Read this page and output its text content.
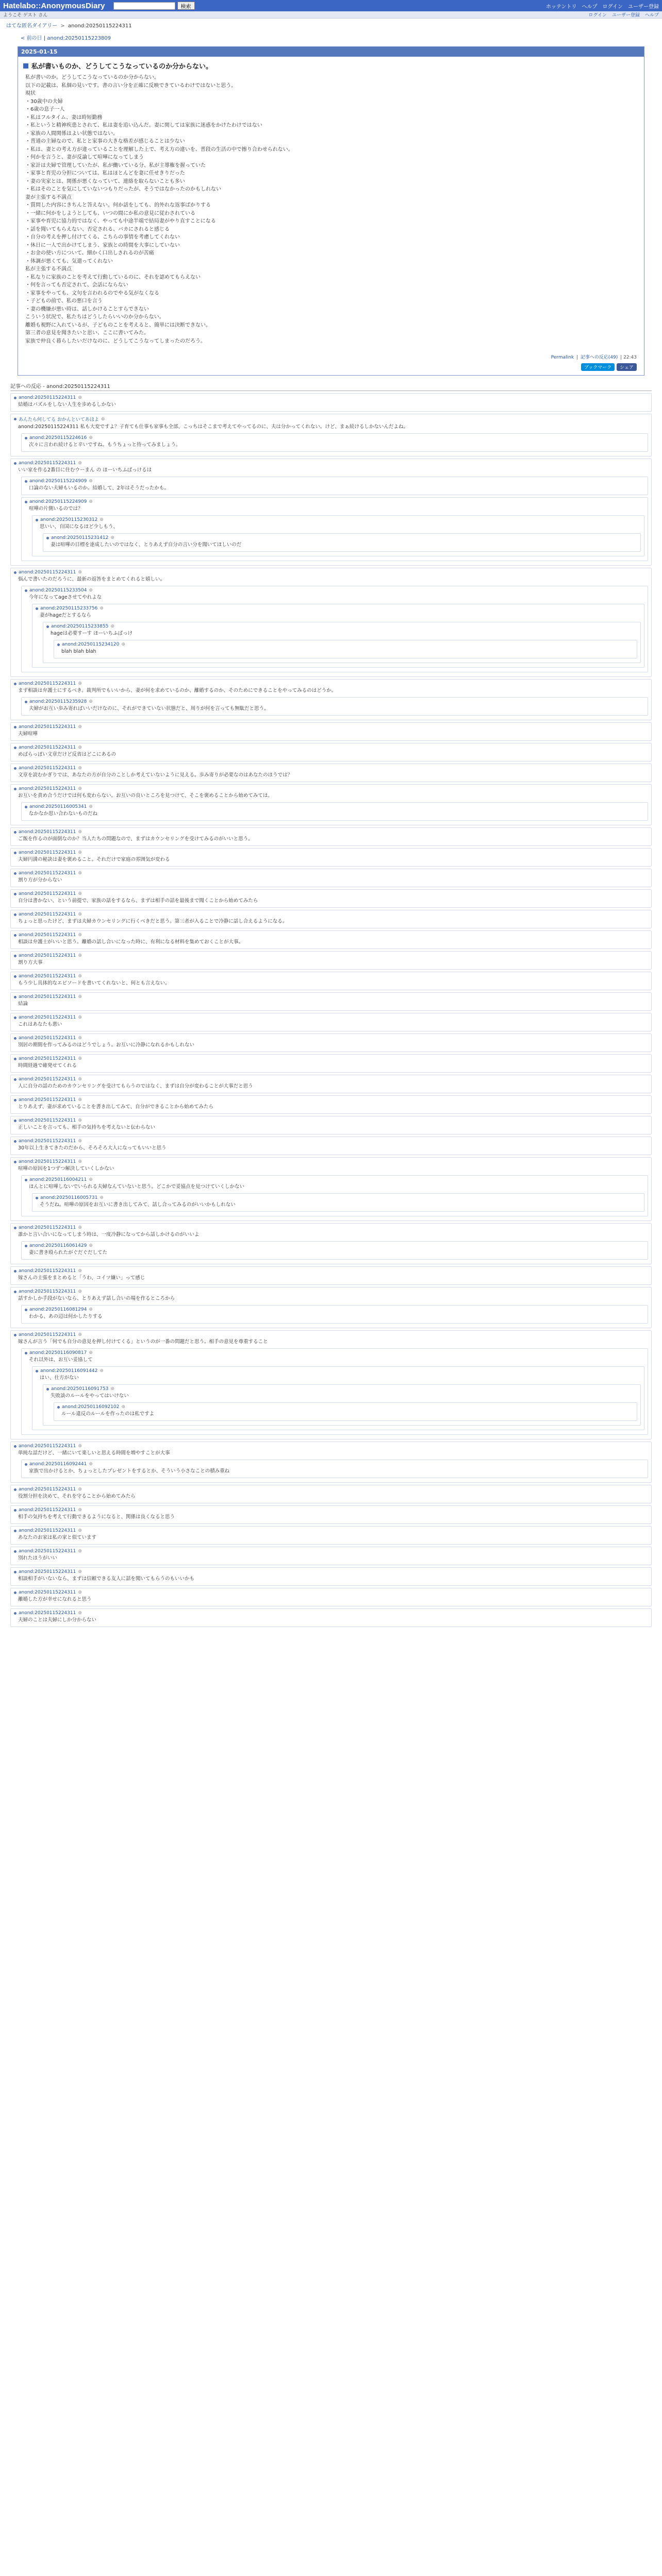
Hatelabo::AnonymousDiary	検索	ホッテントリ ヘルプ ログイン ユーザー登録
ようこそ ゲスト さん	ログイン ユーザー登録 ヘルプ
はてな匿名ダイアリー > anond:20250115224311
< 前の日 | anond:20250115223809
2025-01-15
私が書いものか、どうしてこうなっているのか分からない。

私が書いのか。どうしてこうなっているのか分からない。

以下の記載は、私個の見いです。書の言い分を正確に反映できているわけではないと思う。

現状

・30歳中の夫婦

・6歳の息子一人

・私はフルタイム、妻は時短勤務

・私というと精神疾患とされて、私は妻を追い込んだ。妻に関しては家族に迷惑をかけたわけではない

・家族の人間関係はよい状態ではない。

・普通の主婦なので、私とと家事の大きな格差が感じることは少ない

・私は、妻との考え方が違っていることを理解した上で、考え方の違いを、普段の生活の中で擦り合わせられない。

・何かを言うと、妻が反論して喧嘩になってしまう

・家計は夫婦で管理していたが、私が働いている分、私が主導権を握っていた

・家事と育児の分担については、私はほとんどを妻に任せきりだった

・妻の実家とは、関係が悪くなっていて、連絡を取らないことも多い

・私はそのことを気にしていないつもりだったが、そうではなかったのかもしれない

妻が主張する不満点

・質問した内容にきちんと答えない。何か話をしても、的外れな返事ばかりする

・一緒に何かをしようとしても、いつの間にか私の意見に従わされている

・家事や育児に協力的ではなく、やっても中途半端で結局妻がやり直すことになる

・話を聞いてもらえない、否定される、バカにされると感じる

・自分の考えを押し付けてくる、こちらの事情を考慮してくれない

・休日に一人で出かけてしまう、家族との時間を大事にしていない

・お金の使い方について、細かく口出しされるのが苦痛

・体調が悪くても、気遣ってくれない

私が主張する不満点

・私なりに家族のことを考えて行動しているのに、それを認めてもらえない

・何を言っても否定されて、会話にならない

・家事をやっても、文句を言われるのでやる気がなくなる

・子どもの前で、私の悪口を言う

・妻の機嫌が悪い時は、話しかけることすらできない

こういう状況で、私たちはどうしたらいいのか分からない。

離婚も視野に入れているが、子どものことを考えると、簡単には決断できない。

第三者の意見を聞きたいと思い、ここに書いてみた。

家族で仲良く暮らしたいだけなのに、どうしてこうなってしまったのだろう。

Permalink | 記事への反応(49) | 22:43
ブックマーク	シェア
記事への反応 - anond:20250115224311
anond:20250115224311 ⊕
結婚はパズルをしない人生を歩めるしかない
あんたら何してる おかんといてあほよ ⊕
anond:20250115224311 私も大変ですよ？子育ても仕事も家事も全部、こっちはそこまで考えてやってるのに、夫は分かってくれない。けど、まぁ続けるしかないんだよね。
anond:20250115224616 ⊕
次々に言われ続けると辛いですね。もうちょっと待ってみましょう。
anond:20250115224311 ⊕
いい家を作る2番目に住むウーまん の ほーいちふばっけるは
anond:20250115224909 ⊕
口論のない夫婦もいるのか。結婚して、2年はそうだったかも。
anond:20250115224909 ⊕
喧嘩の片側いるのでは？
anond:20250115230312 ⊕
思いい、自国になるほど少しもう、
anond:20250115231412 ⊕
妻は喧嘩の目標を達成したいのではなく、とりあえず自分の言い分を聞いてほしいのだ
anond:20250115224311 ⊕
悩んで書いたのだろうに、最新の返答をまとめてくれると嬉しい。
anond:20250115233504 ⊕
今年になってageさせてやれよな
anond:20250115233756 ⊕
妻がhageだとするなら
anond:20250115233855 ⊕
hageは必要すーす ほーいちふぱっけ
anond:20250115234120 ⊕
blah blah blah
anond:20250115224311 ⊕
まず相談は弁護士にするべき。裁判所でもいいから、妻が何を求めているのか、離婚するのか、そのためにできることをやってみるのはどうか。
anond:20250115235928 ⊕
夫婦がお互い歩み寄ればいいだけなのに、それができていない状態だと、周りが何を言っても無駄だと思う。
anond:20250115224311 ⊕
夫婦喧嘩
anond:20250115224311 ⊕
めばらっぽい文章だけど反省はどこにあるの
anond:20250115224311 ⊕
文章を読むかぎりでは、あなたの方が自分のことしか考えていないように見える。歩み寄りが必要なのはあなたのほうでは？
anond:20250115224311 ⊕
お互いを責め合うだけでは何も変わらない。お互いの良いところを見つけて、そこを褒めることから始めてみては。
anond:20250116005341 ⊕
なかなか思い合わないものだね
anond:20250115224311 ⊕
ご飯を作るのが面倒なのか？当人たちの問題なので、まずはカウンセリングを受けてみるのがいいと思う。
anond:20250115224311 ⊕
夫婦円満の秘訣は妻を褒めること。それだけで家庭の雰囲気が変わる
anond:20250115224311 ⊕
割り方が分からない
anond:20250115224311 ⊕
自分は書かない、という前提で、家族の話をするなら、まずは相手の話を最後まで聞くことから始めてみたら
anond:20250115224311 ⊕
ちょっと思ったけど、まずは夫婦カウンセリングに行くべきだと思う。第三者が入ることで冷静に話し合えるようになる。
anond:20250115224311 ⊕
相談は弁護士がいいと思う。離婚の話し合いになった時に、有利になる材料を集めておくことが大事。
anond:20250115224311 ⊕
割り方大事
anond:20250115224311 ⊕
もう少し具体的なエピソードを書いてくれないと、何とも言えない。
anond:20250115224311 ⊕
結論
anond:20250115224311 ⊕
これはあなたも悪い
anond:20250115224311 ⊕
別居の期間を作ってみるのはどうでしょう。お互いに冷静になれるかもしれない
anond:20250115224311 ⊕
時間経過で確発せてくれる
anond:20250115224311 ⊕
人に自分の話のためのカウンセリングを受けてもらうのではなく、まずは自分が変わることが大事だと思う
anond:20250115224311 ⊕
とりあえず、妻が求めていることを書き出してみて、自分ができることから始めてみたら
anond:20250115224311 ⊕
正しいことを言っても、相手の気持ちを考えないと伝わらない
anond:20250115224311 ⊕
30年以上生きてきたのだから、そろそろ大人になってもいいと思う
anond:20250115224311 ⊕
喧嘩の原因を1つずつ解決していくしかない
anond:20250116004211 ⊕
ほんとに喧嘩しないでいられる夫婦なんていないと思う。どこかで妥協点を見つけていくしかない
anond:20250116005731 ⊕
そうだね。喧嘩の原因をお互いに書き出してみて、話し合ってみるのがいいかもしれない
anond:20250115224311 ⊕
誰かと言い合いになってしまう時は、一度冷静になってから話しかけるのがいいよ
anond:20250116061429 ⊕
妻に書き殴られたがぐだぐだしてた
anond:20250115224311 ⊕
嫁さんの主張をまとめると「うわ、コイツ嫌い」って感じ
anond:20250115224311 ⊕
話すかしか手段がないなら、とりあえず話し合いの場を作るところから
anond:20250116081294 ⊕
わかる、あの辺は何かしたりする
anond:20250115224311 ⊕
嫁さんが言う「何でも自分の意見を押し付けてくる」というのが一番の問題だと思う。相手の意見を尊重すること
anond:20250116090817 ⊕
それ以外は、お互い妥協して
anond:20250116091442 ⊕
はい、仕方がない
anond:20250116091753 ⊕
失敗談のルールをやってはいけない
anond:20250116092102 ⊕
ルール違反のルールを作ったのは私ですよ
anond:20250115224311 ⊕
単純な話だけど、一緒にいて楽しいと思える時間を増やすことが大事
anond:20250116092441 ⊕
家族で出かけるとか、ちょっとしたプレゼントをするとか、そういう小さなことの積み重ね
anond:20250115224311 ⊕
役割分担を決めて、それを守ることから始めてみたら
anond:20250115224311 ⊕
相手の気持ちを考えて行動できるようになると、関係は良くなると思う
anond:20250115224311 ⊕
あなたのお家は私の家と似ています
anond:20250115224311 ⊕
別れたほうがいい
anond:20250115224311 ⊕
相談相手がいないなら、まずは信頼できる友人に話を聞いてもらうのもいいかも
anond:20250115224311 ⊕
離婚した方が幸せになれると思う
anond:20250115224311 ⊕
夫婦のことは夫婦にしか分からない
